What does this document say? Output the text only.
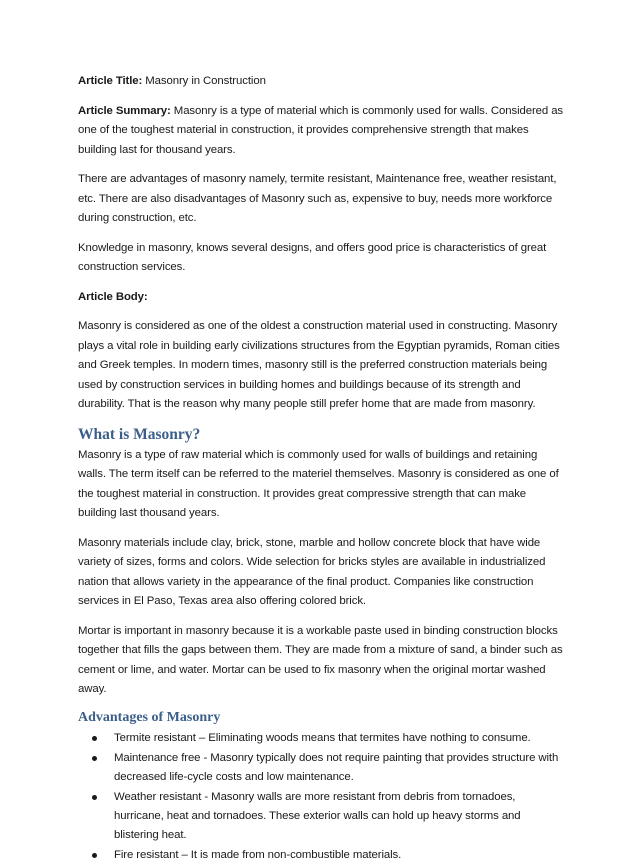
Article Title: Masonry in Construction

Article Summary: Masonry is a type of material which is commonly used for walls. Considered as one of the toughest material in construction, it provides comprehensive strength that makes building last for thousand years.

There are advantages of masonry namely, termite resistant, Maintenance free, weather resistant, etc. There are also disadvantages of Masonry such as, expensive to buy, needs more workforce during construction, etc.

Knowledge in masonry, knows several designs, and offers good price is characteristics of great construction services.

Article Body:

Masonry is considered as one of the oldest a construction material used in constructing. Masonry plays a vital role in building early civilizations structures from the Egyptian pyramids, Roman cities and Greek temples. In modern times, masonry still is the preferred construction materials being used by construction services in building homes and buildings because of its strength and durability. That is the reason why many people still prefer home that are made from masonry.

What is Masonry?

Masonry is a type of raw material which is commonly used for walls of buildings and retaining walls. The term itself can be referred to the materiel themselves. Masonry is considered as one of the toughest material in construction. It provides great compressive strength that can make building last thousand years.

Masonry materials include clay, brick, stone, marble and hollow concrete block that have wide variety of sizes, forms and colors. Wide selection for bricks styles are available in industrialized nation that allows variety in the appearance of the final product. Companies like construction services in El Paso, Texas area also offering colored brick.

Mortar is important in masonry because it is a workable paste used in binding construction blocks together that fills the gaps between them. They are made from a mixture of sand, a binder such as cement or lime, and water. Mortar can be used to fix masonry when the original mortar washed away.

Advantages of Masonry
Termite resistant – Eliminating woods means that termites have nothing to consume.
Maintenance free - Masonry typically does not require painting that provides structure with decreased life-cycle costs and low maintenance.
Weather resistant - Masonry walls are more resistant from debris from tornadoes, hurricane, heat and tornadoes. These exterior walls can hold up heavy storms and blistering heat.
Fire resistant – It is made from non-combustible materials.
